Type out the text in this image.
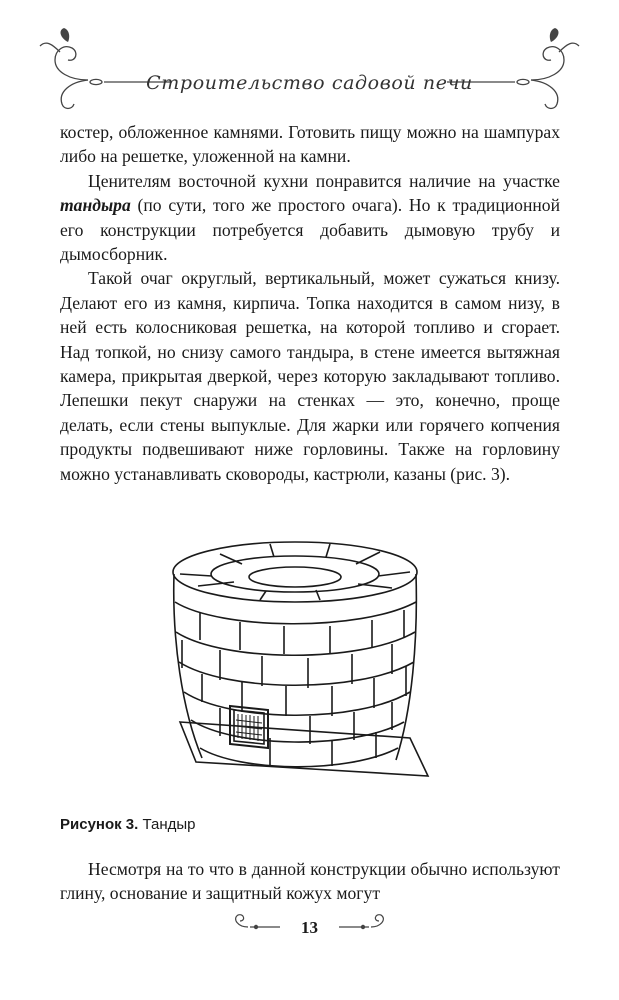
Строительство садовой печи

костер, обложенное камнями. Готовить пищу можно на шампурах либо на решетке, уложенной на камни.

Ценителям восточной кухни понравится наличие на участке тандыра (по сути, того же простого очага). Но к традиционной его конструкции потребуется добавить дымовую трубу и дымосборник.

Такой очаг округлый, вертикальный, может сужаться книзу. Делают его из камня, кирпича. Топка находится в самом низу, в ней есть колосниковая решетка, на которой топливо и сгорает. Над топкой, но снизу самого тандыра, в стене имеется вытяжная камера, прикрытая дверкой, через которую закладывают топливо. Лепешки пекут снаружи на стенках — это, конечно, проще делать, если стены выпуклые. Для жарки или горячего копчения продукты подвешивают ниже горловины. Также на горловину можно устанавливать сковороды, кастрюли, казаны (рис. 3).

Рисунок 3. Тандыр

Несмотря на то что в данной конструкции обычно используют глину, основание и защитный кожух могут

13
